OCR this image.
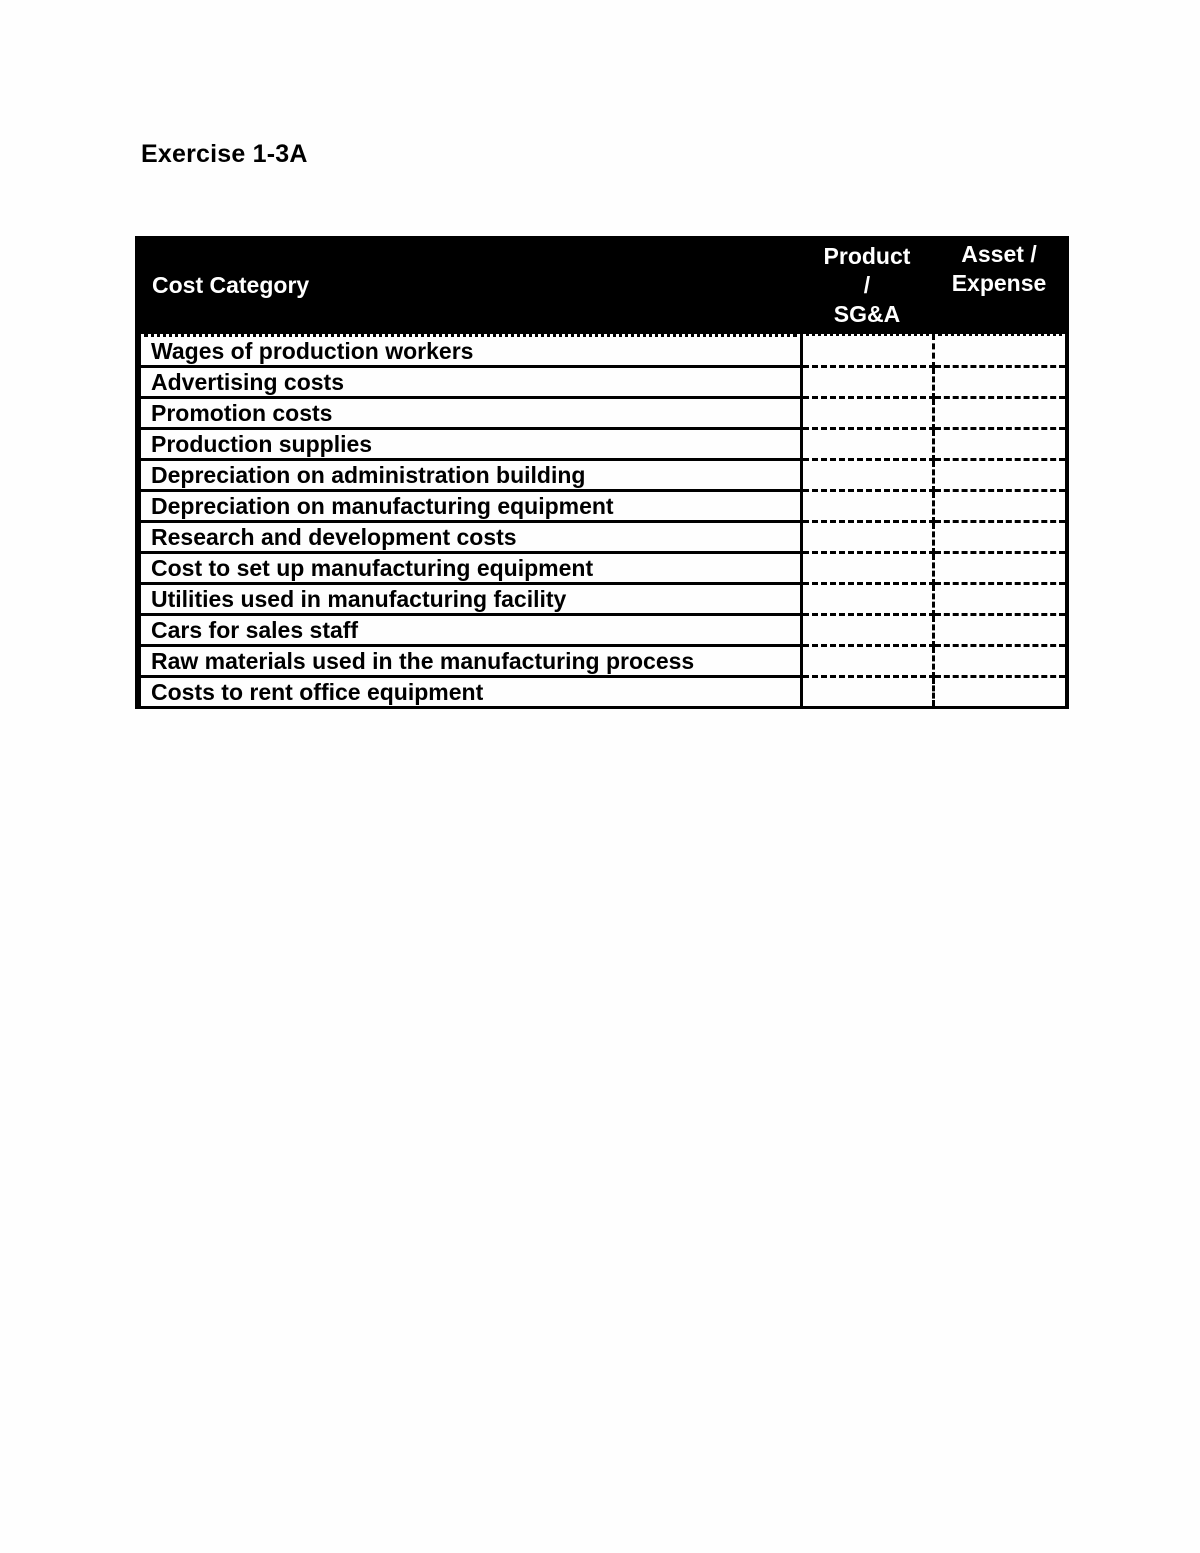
Exercise 1-3A
Cost Category	Product
/
SG&A	Asset /
Expense

Wages of production workers		
Advertising costs		
Promotion costs		
Production supplies		
Depreciation on administration building		
Depreciation on manufacturing equipment		
Research and development costs		
Cost to set up manufacturing equipment		
Utilities used in manufacturing facility		
Cars for sales staff		
Raw materials used in the manufacturing process		
Costs to rent office equipment		
